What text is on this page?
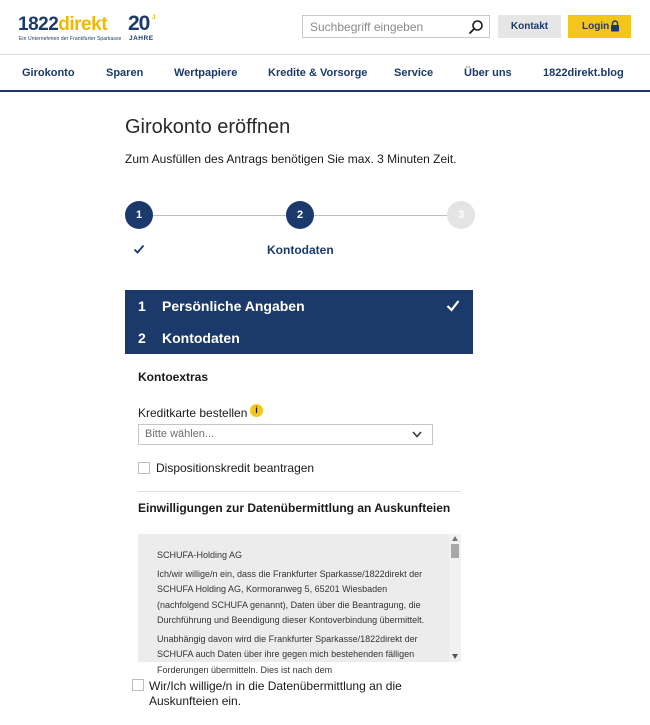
1822direkt
Ein Unternehmen der Frankfurter Sparkasse
20 J
JAHRE
Suchbegriff eingeben
Kontakt	Login
Girokonto	Sparen	Wertpapiere	Kredite & Vorsorge Service	Über uns	1822direkt.blog
Girokonto eröffnen
Zum Ausfüllen des Antrags benötigen Sie max. 3 Minuten Zeit.
1	2	3
Kontodaten
1 Persönliche Angaben
2 Kontodaten
Kontoextras
Kreditkarte bestellen i
Bitte wählen...
Dispositionskredit beantragen
Einwilligungen zur Datenübermittlung an Auskunfteien

SCHUFA-Holding AG

Ich/wir willige/n ein, dass die Frankfurter Sparkasse/1822direkt der SCHUFA Holding AG, Kormoranweg 5, 65201 Wiesbaden (nachfolgend SCHUFA genannt), Daten über die Beantragung, die Durchführung und Beendigung dieser Kontoverbindung übermittelt.

Unabhängig davon wird die Frankfurter Sparkasse/1822direkt der SCHUFA auch Daten über ihre gegen mich bestehenden fälligen Forderungen übermitteln. Dies ist nach dem

Wir/Ich willige/n in die Datenübermittlung an die Auskunfteien ein.
